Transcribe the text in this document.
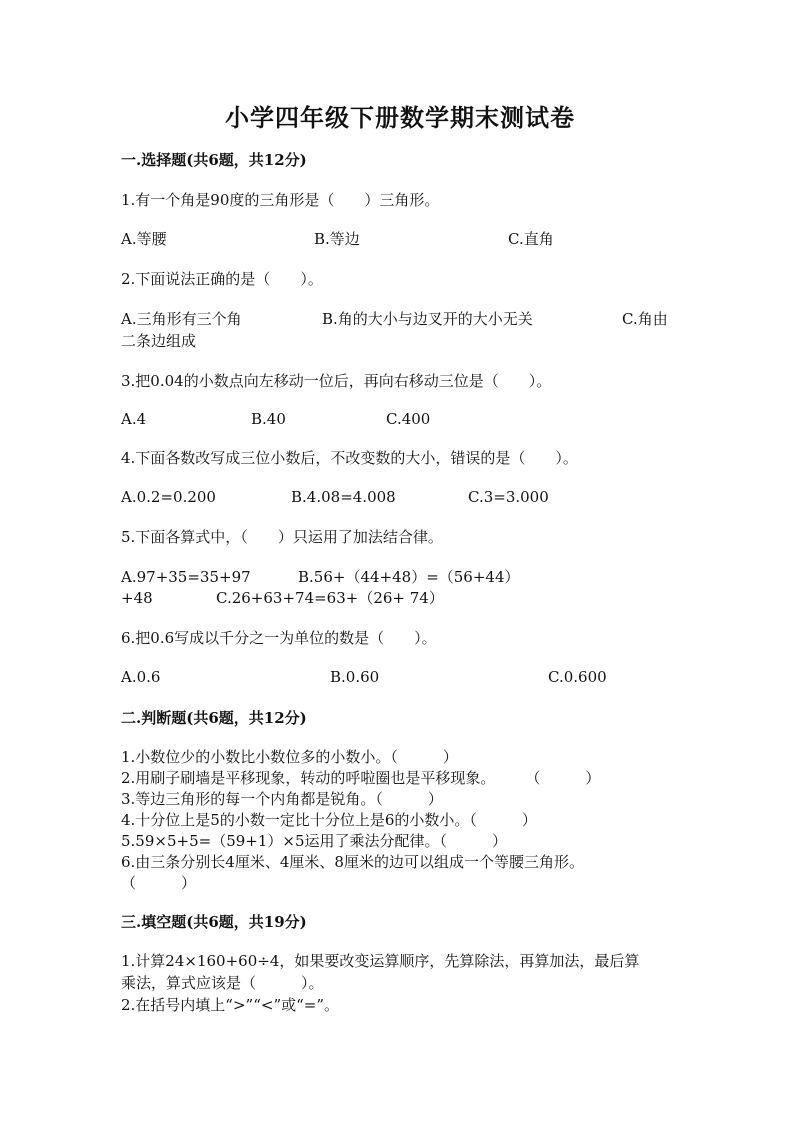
小学四年级下册数学期末测试卷
一.选择题(共6题，共12分)
1.有一个角是90度的三角形是（　　）三角形。
A.等腰	B.等边	C.直角
2.下面说法正确的是（　　）。
A.三角形有三个角	B.角的大小与边叉开的大小无关	C.角由
二条边组成
3.把0.04的小数点向左移动一位后，再向右移动三位是（　　）。
A.4	B.40	C.400
4.下面各数改写成三位小数后，不改变数的大小，错误的是（　　）。
A.0.2=0.200	B.4.08=4.008	C.3=3.000
5.下面各算式中，（　　）只运用了加法结合律。
A.97+35=35+97	B.56+（44+48）=（56+44）
+48	C.26+63+74=63+（26+ 74）
6.把0.6写成以千分之一为单位的数是（　　）。
A.0.6	B.0.60	C.0.600
二.判断题(共6题，共12分)
1.小数位少的小数比小数位多的小数小。（　　　）
2.用刷子刷墙是平移现象，转动的呼啦圈也是平移现象。　　　（　　　）
3.等边三角形的每一个内角都是锐角。（　　　）
4.十分位上是5的小数一定比十分位上是6的小数小。（　　　）
5.59×5+5=（59+1）×5运用了乘法分配律。（　　　）
6.由三条分别长4厘米、4厘米、8厘米的边可以组成一个等腰三角形。
（　　　）
三.填空题(共6题，共19分)
1.计算24×160+60÷4，如果要改变运算顺序，先算除法，再算加法，最后算
乘法，算式应该是（　　　）。
2.在括号内填上“>”“<”或“=”。
